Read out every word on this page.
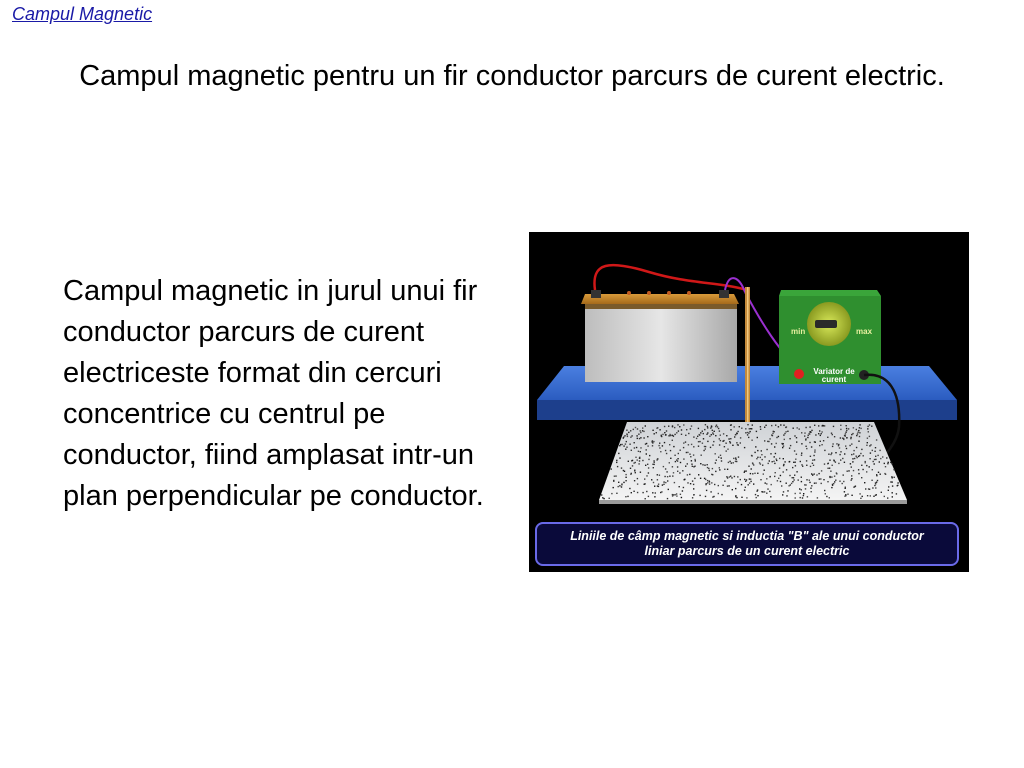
Campul Magnetic
Campul magnetic pentru un fir conductor parcurs de curent electric.
Campul magnetic in jurul unui fir conductor parcurs de curent electriceste format din cercuri concentrice cu centrul pe conductor, fiind amplasat intr-un plan perpendicular pe conductor.
min	max
Variator de curent
Liniile de câmp magnetic si inductia "B" ale unui conductor liniar parcurs de un curent electric
